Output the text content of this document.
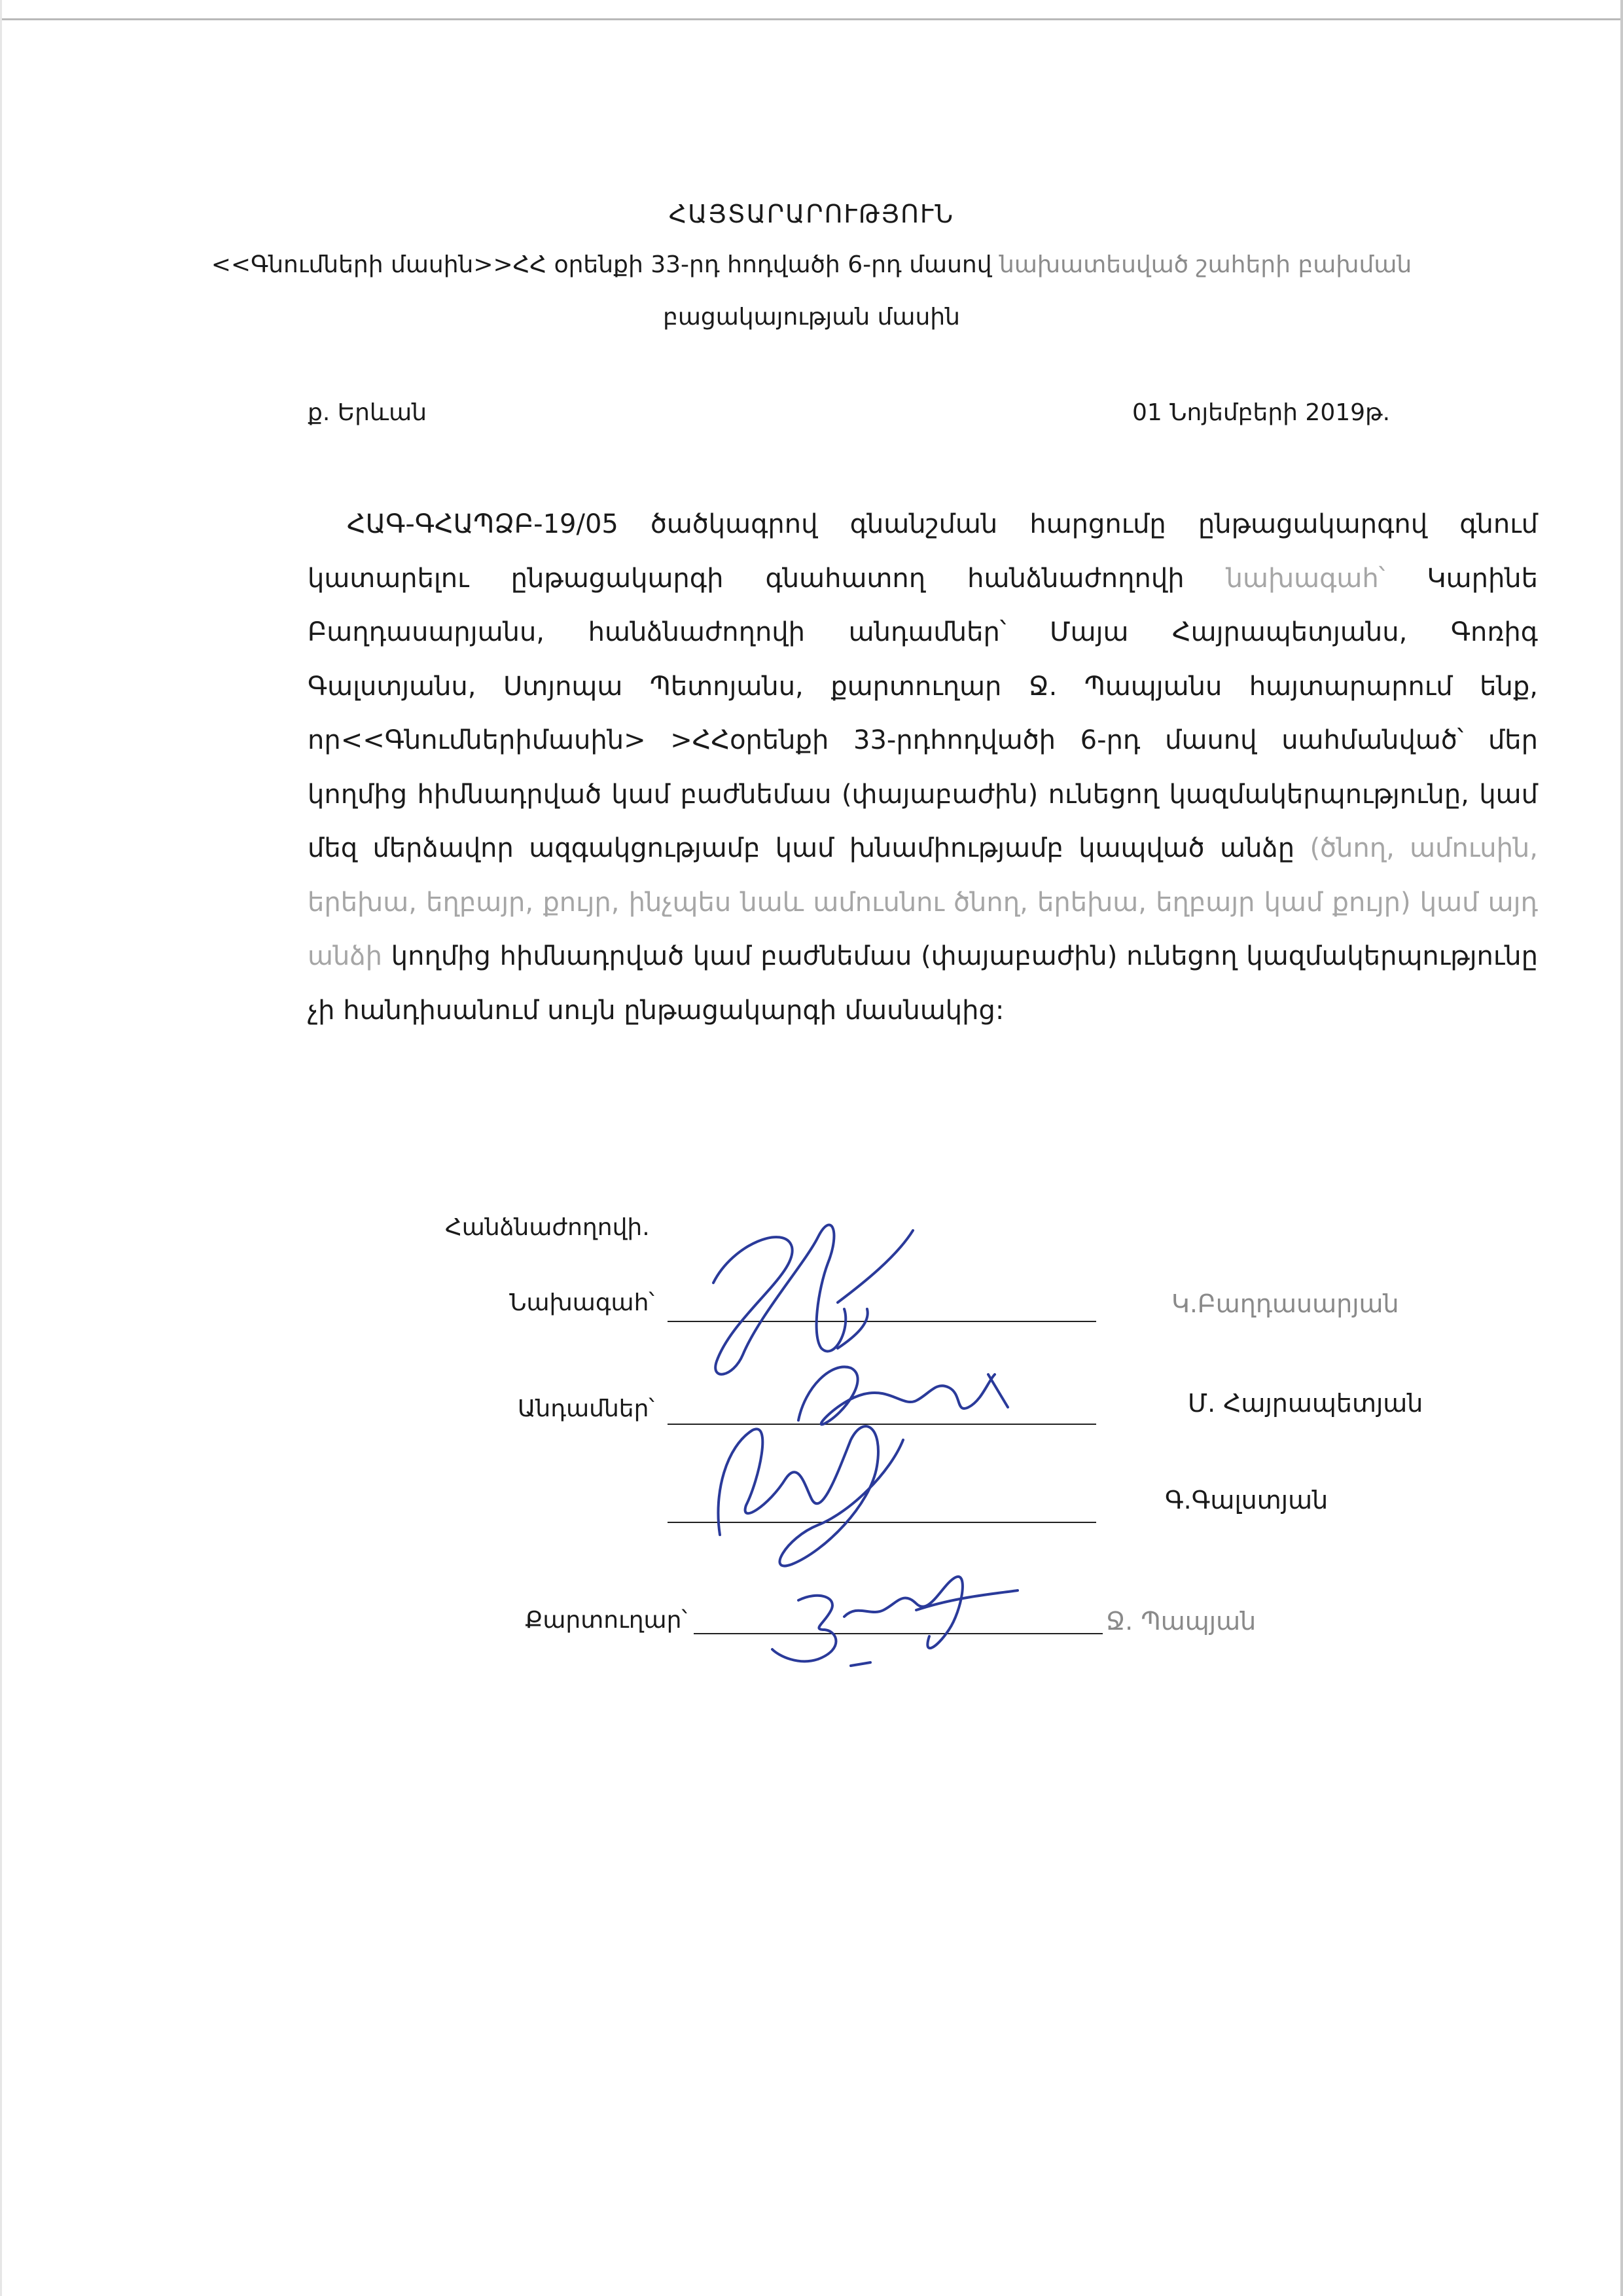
ՀԱՅՏԱՐԱՐՈՒԹՅՈՒՆ
<<Գնումների մասին>>ՀՀ օրենքի 33-րդ հոդվածի 6-րդ մասով նախատեսված շահերի բախման
բացակայության մասին
ք. Երևան	01 Նոյեմբերի 2019թ.
ՀԱԳ-ԳՀԱՊՁԲ-19/05 ծածկագրով գնանշման հարցումը ընթացակարգով գնում կատարելու ընթացակարգի գնահատող հանձնաժողովի նախագահ՝ Կարինե Բաղդասարյանս, հանձնաժողովի անդամներ՝ Մայա Հայրապետյանս, Գոռիգ Գալստյանս, Ստյոպա Պետոյանս, քարտուղար Ջ. Պապյանս հայտարարում ենք, որ<<Գնումներիմասին> >ՀՀօրենքի 33-րդհոդվածի 6-րդ մասով սահմանված՝ մեր կողմից հիմնադրված կամ բաժնեմաս (փայաբաժին) ունեցող կազմակերպությունը, կամ մեզ մերձավոր ազգակցությամբ կամ խնամիությամբ կապված անձը (ծնող, ամուսին, երեխա, եղբայր, քույր, ինչպես նաև ամուսնու ծնող, երեխա, եղբայր կամ քույր) կամ այդ անձի կողմից հիմնադրված կամ բաժնեմաս (փայաբաժին) ունեցող կազմակերպությունը չի հանդիսանում սույն ընթացակարգի մասնակից:
Հանձնաժողովի.
Նախագահ՝	Կ.Բաղդասարյան
Անդամներ՝	Մ. Հայրապետյան
Գ.Գալստյան
Քարտուղար՝	Ջ. Պապյան
